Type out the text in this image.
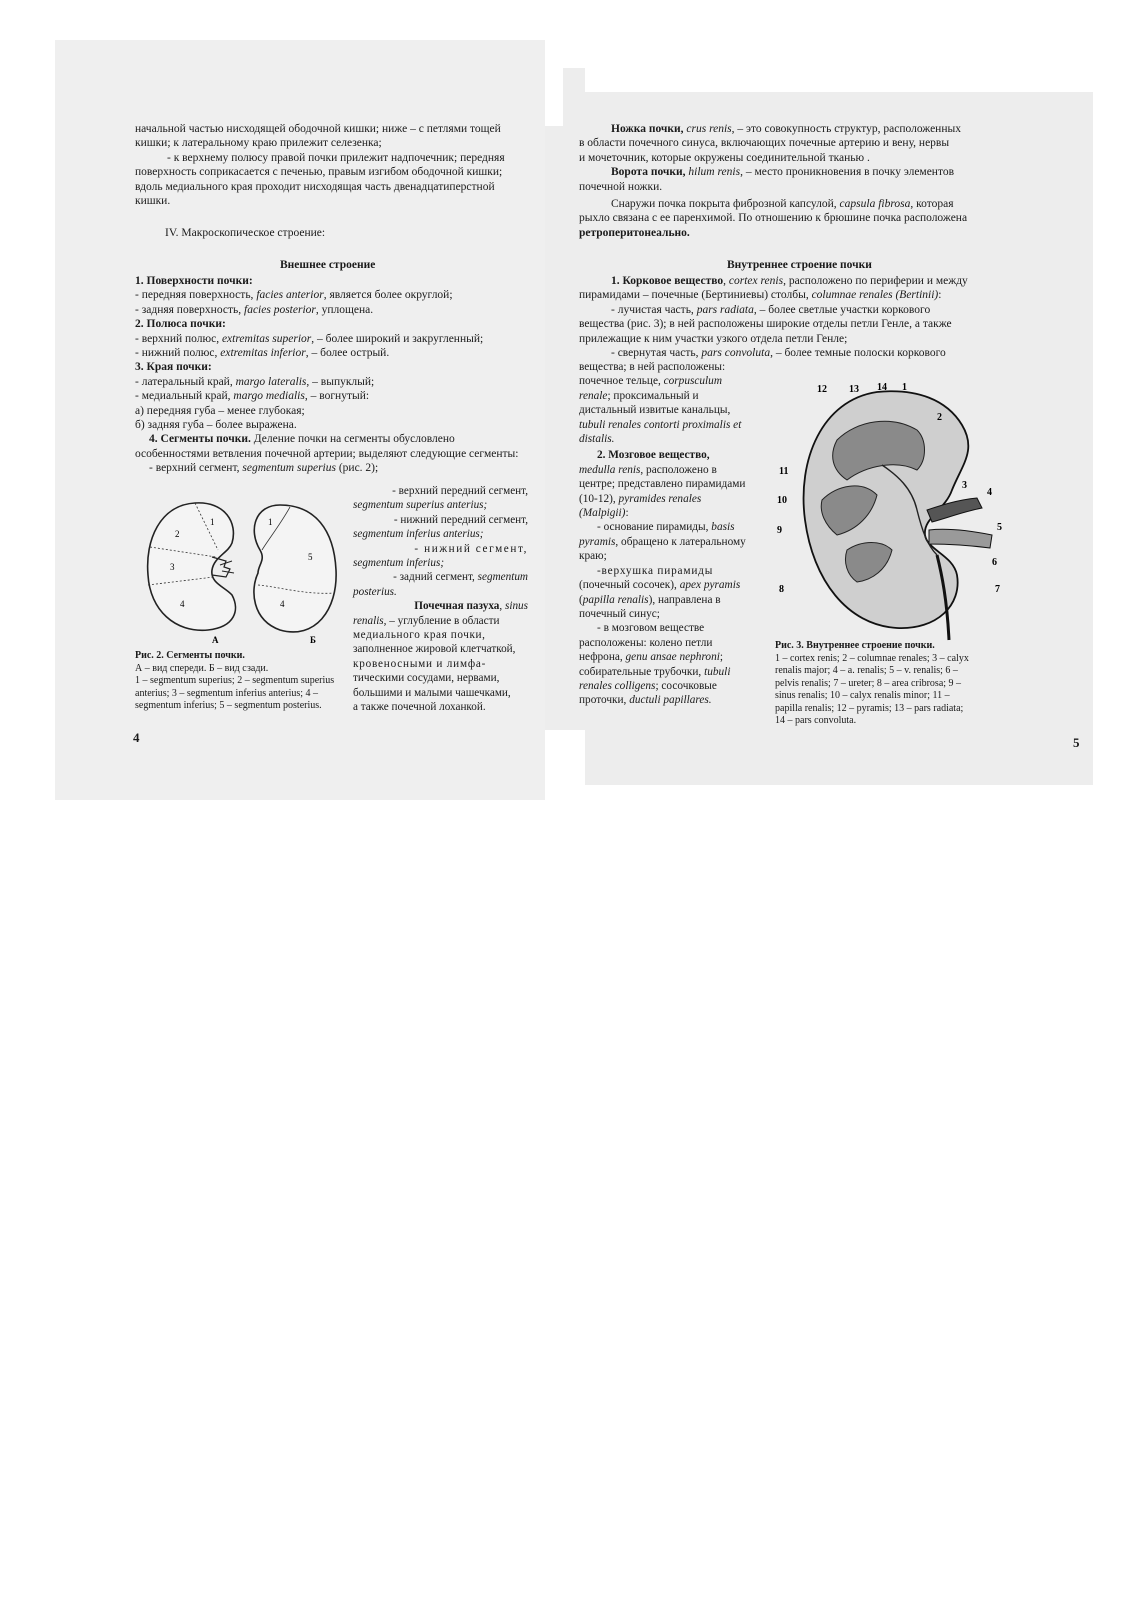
начальной частью нисходящей ободочной кишки; ниже – с петлями тощей
кишки; к латеральному краю прилежит селезенка;
- к верхнему полюсу правой почки прилежит надпочечник; передняя
поверхность соприкасается с печенью, правым изгибом ободочной кишки;
вдоль медиального края проходит нисходящая часть двенадцатиперстной
кишки.

IV. Макроскопическое строение:
Внешнее строение
1. Поверхности почки:
- передняя поверхность, facies anterior, является более округлой;
- задняя поверхность, facies posterior, уплощена.
2. Полюса почки:
- верхний полюс, extremitas superior, – более широкий и закругленный;
- нижний полюс, extremitas inferior, – более острый.
3. Края почки:
- латеральный край, margo lateralis, – выпуклый;
- медиальный край, margo medialis, – вогнутый:
а) передняя губа – менее глубокая;
б) задняя губа – более выражена.
4. Сегменты почки. Деление почки на сегменты обусловлено
особенностями ветвления почечной артерии; выделяют следующие сегменты:
- верхний сегмент, segmentum superius (рис. 2);
1
2
3
4
А
1
5
4
Б
- верхний передний сегмент,
segmentum superius anterius;
- нижний передний сегмент,
segmentum inferius anterius;
- нижний сегмент,
segmentum inferius;
- задний сегмент, segmentum
posterius.
Почечная пазуха, sinus
renalis, – углубление в области
медиального края почки,
заполненное жировой клетчаткой,
кровеносными и лимфа-
тическими сосудами, нервами,
большими и малыми чашечками,
а также почечной лоханкой.
Рис. 2. Сегменты почки.
А – вид спереди. Б – вид сзади.
1 – segmentum superius; 2 – segmentum superius
anterius; 3 – segmentum inferius anterius; 4 –
segmentum inferius; 5 – segmentum posterius.
4
Ножка почки, crus renis, – это совокупность структур, расположенных
в области почечного синуса, включающих почечные артерию и вену, нервы
и мочеточник, которые окружены соединительной тканью .
Ворота почки, hilum renis, – место проникновения в почку элементов
почечной ножки.
Снаружи почка покрыта фиброзной капсулой, capsula fibrosa, которая
рыхло связана с ее паренхимой. По отношению к брюшине почка расположена
ретроперитонеально.
Внутреннее строение почки
1. Корковое вещество, cortex renis, расположено по периферии и между
пирамидами – почечные (Бертиниевы) столбы, columnae renales (Bertinii):
- лучистая часть, pars radiata, – более светлые участки коркового
вещества (рис. 3); в ней расположены широкие отделы петли Генле, а также
прилежащие к ним участки узкого отдела петли Генле;
- свернутая часть, pars convoluta, – более темные полоски коркового
вещества; в ней расположены:
почечное тельце, corpusculum
renale; проксимальный и
дистальный извитые канальцы,
tubuli renales contorti proximalis et
distalis.
2. Мозговое вещество,
medulla renis, расположено в
центре; представлено пирамидами
(10-12), pyramides renales
(Malpigii):
- основание пирамиды, basis
pyramis, обращено к латеральному
краю;
-верхушка пирамиды
(почечный сосочек), apex pyramis
(papilla renalis), направлена в
почечный синус;
- в мозговом веществе
расположены: колено петли
нефрона, genu ansae nephroni;
собирательные трубочки, tubuli
renales colligens; сосочковые
проточки, ductuli papillares.
12 13 14 1
2
11
3
4
10
5
9
6
8	7
Рис. 3. Внутреннее строение почки.
1 – cortex renis; 2 – columnae renales; 3 – calyx
renalis major; 4 – a. renalis; 5 – v. renalis; 6 –
pelvis renalis; 7 – ureter; 8 – area cribrosa; 9 –
sinus renalis; 10 – calyx renalis minor; 11 –
papilla renalis; 12 – pyramis; 13 – pars radiata;
14 – pars convoluta.
5
